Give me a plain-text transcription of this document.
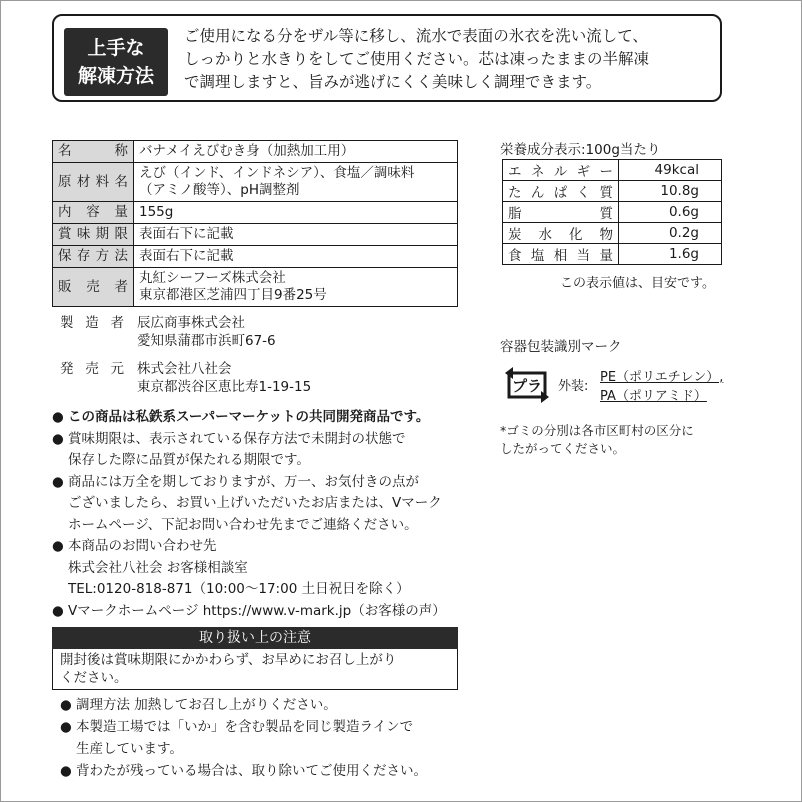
上手な
解凍方法
ご使用になる分をザル等に移し、流水で表面の氷衣を洗い流して、
しっかりと水きりをしてご使用ください。芯は凍ったままの半解凍
で調理しますと、旨みが逃げにくく美味しく調理できます。
名称	バナメイえびむき身（加熱加工用）
原材料名	えび（インド、インドネシア）、食塩／調味料
（アミノ酸等）、pH調整剤
内容量	155g
賞味期限	表面右下に記載
保存方法	表面右下に記載
販売者	丸紅シーフーズ株式会社
東京都港区芝浦四丁目9番25号
製造者 辰広商事株式会社
愛知県蒲郡市浜町67-6
発売元 株式会社八社会
東京都渋谷区恵比寿1-19-15
● この商品は私鉄系スーパーマーケットの共同開発商品です。
● 賞味期限は、表示されている保存方法で未開封の状態で
保存した際に品質が保たれる期限です。
● 商品には万全を期しておりますが、万一、お気付きの点が
ございましたら、お買い上げいただいたお店または、Vマーク
ホームページ、下記お問い合わせ先までご連絡ください。
● 本商品のお問い合わせ先
株式会社八社会 お客様相談室
TEL:0120-818-871（10:00～17:00 土日祝日を除く）
● Vマークホームページ https://www.v-mark.jp（お客様の声）
取り扱い上の注意
開封後は賞味期限にかかわらず、お早めにお召し上がり
ください。
● 調理方法 加熱してお召し上がりください。
● 本製造工場では「いか」を含む製品を同じ製造ラインで
生産しています。
● 背わたが残っている場合は、取り除いてご使用ください。
栄養成分表示:100g当たり
エネルギー	49kcal
たんぱく質	10.8g
脂質	0.6g
炭水化物	0.2g
食塩相当量	1.6g
この表示値は、目安です。
容器包装識別マーク
プラ 外装:
PE（ポリエチレン）,
PA（ポリアミド）
*ゴミの分別は各市区町村の区分に
したがってください。
